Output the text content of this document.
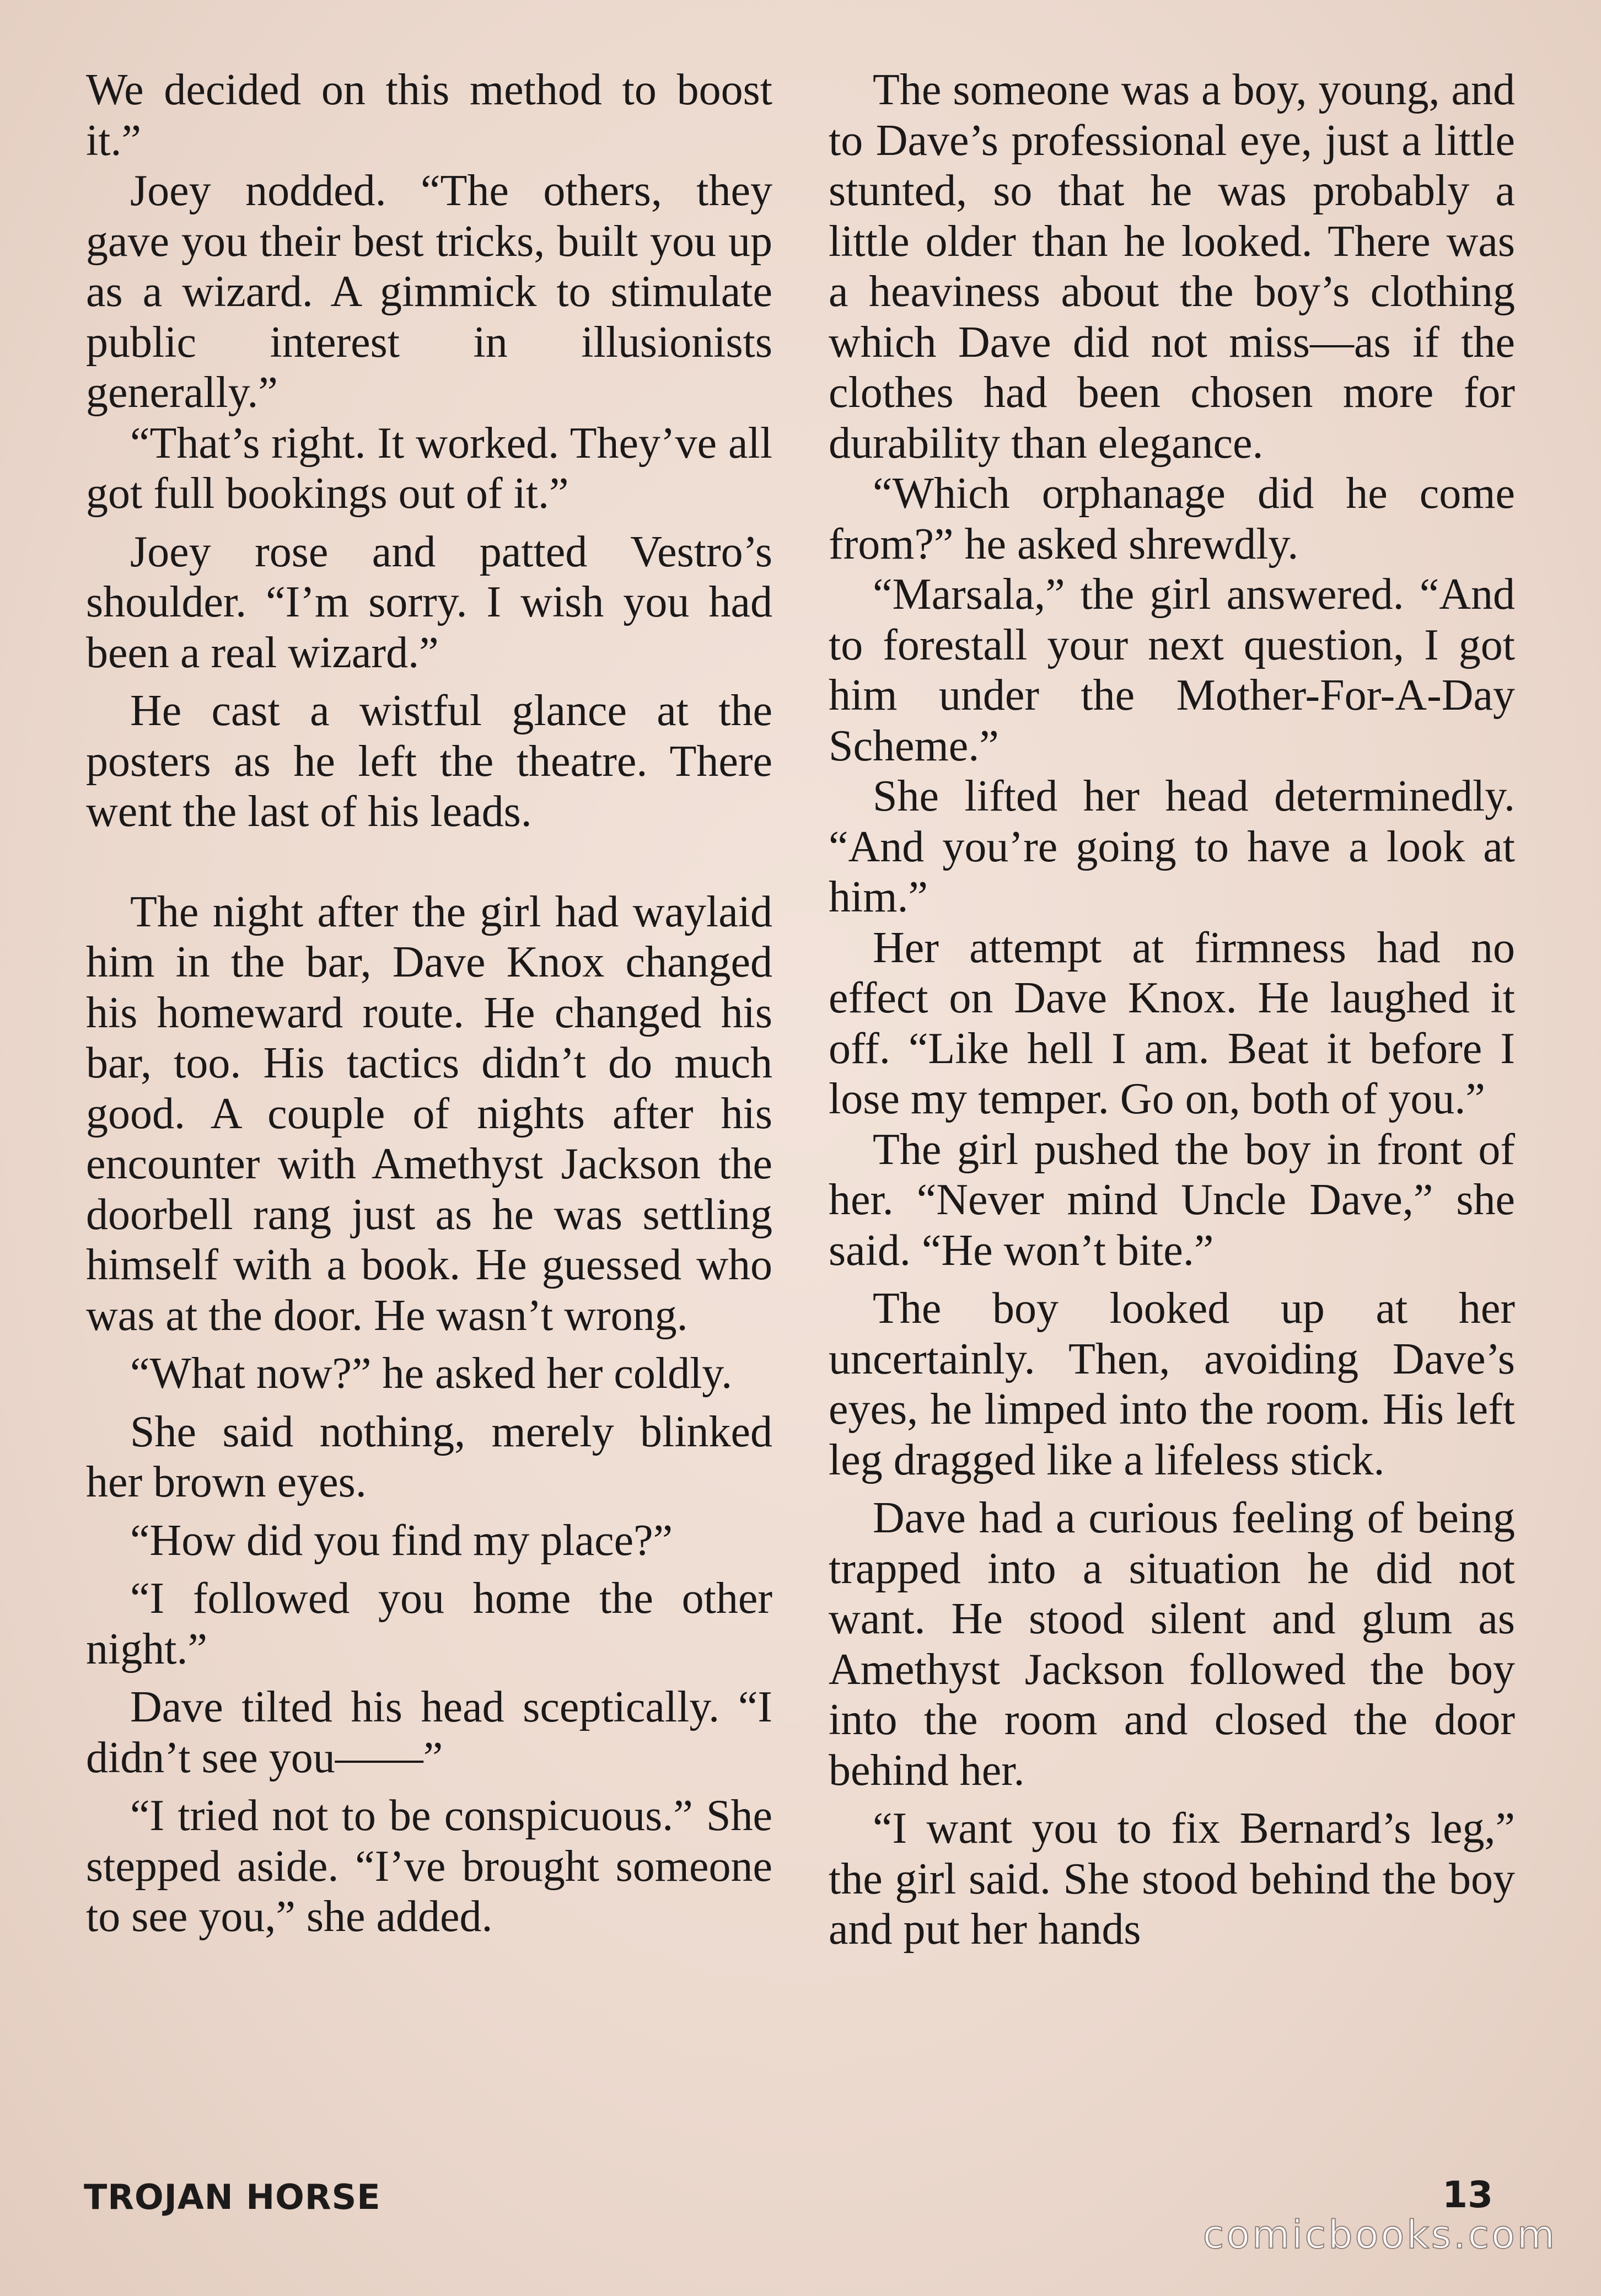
We decided on this method to boost it.”

Joey nodded. “The others, they gave you their best tricks, built you up as a wizard. A gimmick to stimulate public interest in illusionists generally.”

“That’s right. It worked. They’ve all got full bookings out of it.”

Joey rose and patted Vestro’s shoulder. “I’m sorry. I wish you had been a real wizard.”

He cast a wistful glance at the posters as he left the theatre. There went the last of his leads.

The night after the girl had waylaid him in the bar, Dave Knox changed his homeward route. He changed his bar, too. His tactics didn’t do much good. A couple of nights after his encounter with Amethyst Jackson the doorbell rang just as he was settling himself with a book. He guessed who was at the door. He wasn’t wrong.

“What now?” he asked her coldly.

She said nothing, merely blinked her brown eyes.

“How did you find my place?”

“I followed you home the other night.”

Dave tilted his head sceptically. “I didn’t see you——”

“I tried not to be conspicuous.” She stepped aside. “I’ve brought someone to see you,” she added.

The someone was a boy, young, and to Dave’s professional eye, just a little stunted, so that he was probably a little older than he looked. There was a heaviness about the boy’s clothing which Dave did not miss—as if the clothes had been chosen more for durability than elegance.

“Which orphanage did he come from?” he asked shrewdly.

“Marsala,” the girl answered. “And to forestall your next question, I got him under the Mother-For-A-Day Scheme.”

She lifted her head determinedly. “And you’re going to have a look at him.”

Her attempt at firmness had no effect on Dave Knox. He laughed it off. “Like hell I am. Beat it before I lose my temper. Go on, both of you.”

The girl pushed the boy in front of her. “Never mind Uncle Dave,” she said. “He won’t bite.”

The boy looked up at her uncertainly. Then, avoiding Dave’s eyes, he limped into the room. His left leg dragged like a lifeless stick.

Dave had a curious feeling of being trapped into a situation he did not want. He stood silent and glum as Amethyst Jackson followed the boy into the room and closed the door behind her.

“I want you to fix Bernard’s leg,” the girl said. She stood behind the boy and put her hands

TROJAN HORSE	13
comicbooks.com
